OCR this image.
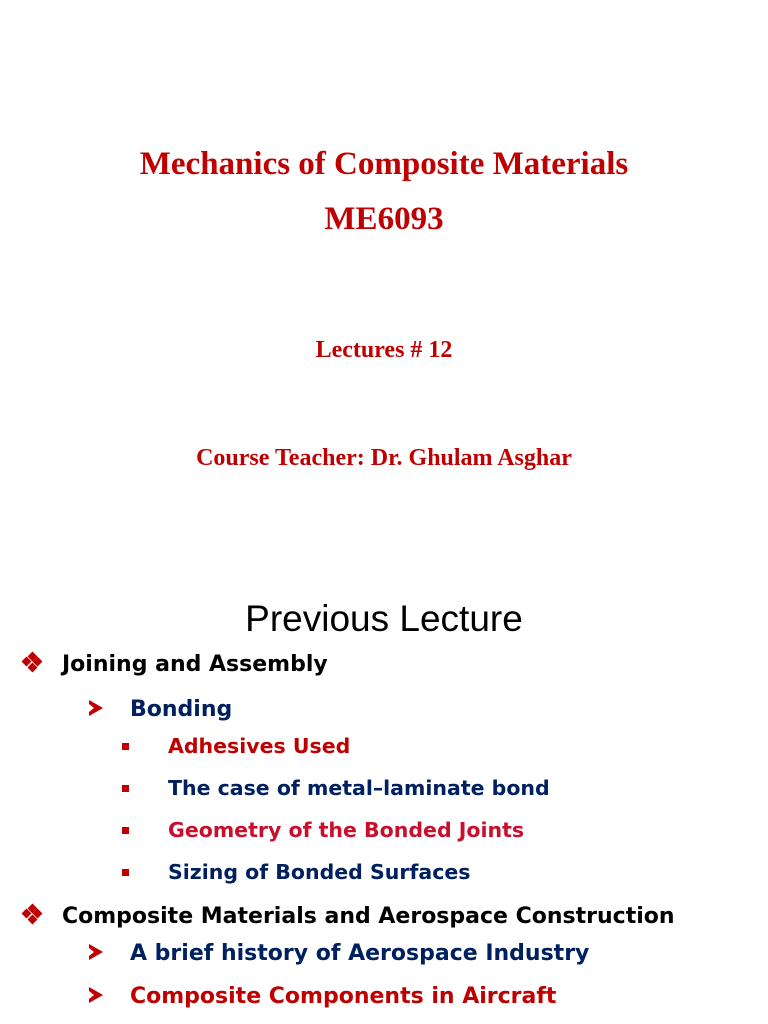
Mechanics of Composite Materials
ME6093
Lectures # 12
Course Teacher: Dr. Ghulam Asghar
Previous Lecture
Joining and Assembly
Bonding
Adhesives Used
The case of metal–laminate bond
Geometry of the Bonded Joints
Sizing of Bonded Surfaces
Composite Materials and Aerospace Construction
A brief history of Aerospace Industry
Composite Components in Aircraft
